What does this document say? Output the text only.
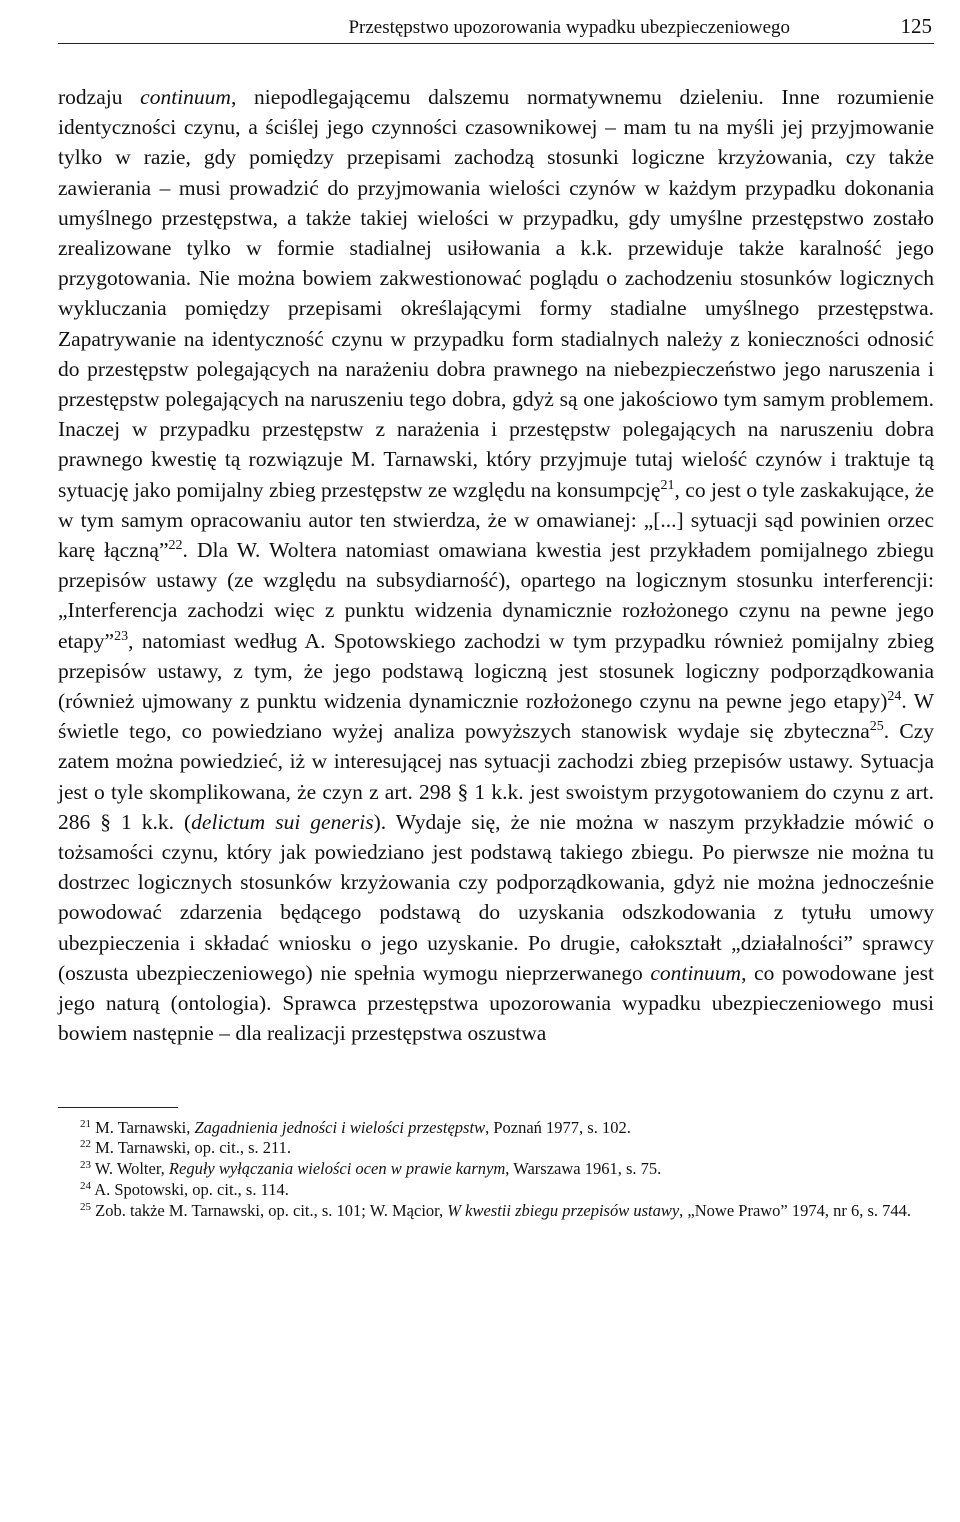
Przestępstwo upozorowania wypadku ubezpieczeniowego	125

rodzaju continuum, niepodlegającemu dalszemu normatywnemu dzieleniu. Inne rozumienie identyczności czynu, a ściślej jego czynności czasownikowej – mam tu na myśli jej przyjmowanie tylko w razie, gdy pomiędzy przepisami zachodzą stosunki logiczne krzyżowania, czy także zawierania – musi prowadzić do przyjmowania wielości czynów w każdym przypadku dokonania umyślnego przestępstwa, a także takiej wielości w przypadku, gdy umyślne przestępstwo zostało zrealizowane tylko w formie stadialnej usiłowania a k.k. przewiduje także karalność jego przygotowania. Nie można bowiem zakwestionować poglądu o zachodzeniu stosunków logicznych wykluczania pomiędzy przepisami określającymi formy stadialne umyślnego przestępstwa. Zapatrywanie na identyczność czynu w przypadku form stadialnych należy z konieczności odnosić do przestępstw polegających na narażeniu dobra prawnego na niebezpieczeństwo jego naruszenia i przestępstw polegających na naruszeniu tego dobra, gdyż są one jakościowo tym samym problemem. Inaczej w przypadku przestępstw z narażenia i przestępstw polegających na naruszeniu dobra prawnego kwestię tą rozwiązuje M. Tarnawski, który przyjmuje tutaj wielość czynów i traktuje tą sytuację jako pomijalny zbieg przestępstw ze względu na konsumpcję$^{21}$, co jest o tyle zaskakujące, że w tym samym opracowaniu autor ten stwierdza, że w omawianej: „[...] sytuacji sąd powinien orzec karę łączną”$^{22}$. Dla W. Woltera natomiast omawiana kwestia jest przykładem pomijalnego zbiegu przepisów ustawy (ze względu na subsydiarność), opartego na logicznym stosunku interferencji: „Interferencja zachodzi więc z punktu widzenia dynamicznie rozłożonego czynu na pewne jego etapy”$^{23}$, natomiast według A. Spotowskiego zachodzi w tym przypadku również pomijalny zbieg przepisów ustawy, z tym, że jego podstawą logiczną jest stosunek logiczny podporządkowania (również ujmowany z punktu widzenia dynamicznie rozłożonego czynu na pewne jego etapy)$^{24}$. W świetle tego, co powiedziano wyżej analiza powyższych stanowisk wydaje się zbyteczna$^{25}$. Czy zatem można powiedzieć, iż w interesującej nas sytuacji zachodzi zbieg przepisów ustawy. Sytuacja jest o tyle skomplikowana, że czyn z art. 298 § 1 k.k. jest swoistym przygotowaniem do czynu z art. 286 § 1 k.k. (delictum sui generis). Wydaje się, że nie można w naszym przykładzie mówić o tożsamości czynu, który jak powiedziano jest podstawą takiego zbiegu. Po pierwsze nie można tu dostrzec logicznych stosunków krzyżowania czy podporządkowania, gdyż nie można jednocześnie powodować zdarzenia będącego podstawą do uzyskania odszkodowania z tytułu umowy ubezpieczenia i składać wniosku o jego uzyskanie. Po drugie, całokształt „działalności” sprawcy (oszusta ubezpieczeniowego) nie spełnia wymogu nieprzerwanego continuum, co powodowane jest jego naturą (ontologia). Sprawca przestępstwa upozorowania wypadku ubezpieczeniowego musi bowiem następnie – dla realizacji przestępstwa oszustwa

$^{21}$ M. Tarnawski, Zagadnienia jedności i wielości przestępstw, Poznań 1977, s. 102.

$^{22}$ M. Tarnawski, op. cit., s. 211.

$^{23}$ W. Wolter, Reguły wyłączania wielości ocen w prawie karnym, Warszawa 1961, s. 75.

$^{24}$ A. Spotowski, op. cit., s. 114.

$^{25}$ Zob. także M. Tarnawski, op. cit., s. 101; W. Mącior, W kwestii zbiegu przepisów ustawy, „Nowe Prawo” 1974, nr 6, s. 744.
